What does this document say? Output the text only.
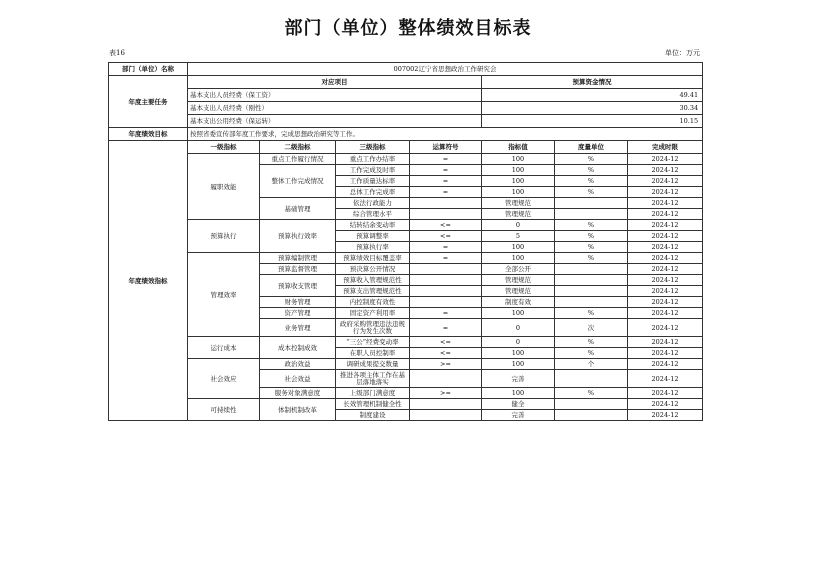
部门（单位）整体绩效目标表
表16	单位：万元
部门（单位）名称	007002辽宁省思想政治工作研究会						
年度主要任务	对应项目				预算资金情况		
	基本支出人员经费（保工资）				49.41		
	基本支出人员经费（刚性）				30.34		
	基本支出公用经费（保运转）				10.15		
年度绩效目标	按照省委宣传部年度工作要求，完成思想政治研究等工作。						
年度绩效指标	一级指标	二级指标	三级指标	运算符号	指标值	度量单位	完成时限
	履职效能	重点工作履行情况	重点工作办结率	=	100	%	2024-12
		整体工作完成情况	工作完成及时率	=	100	%	2024-12
			工作质量达标率	=	100	%	2024-12
			总体工作完成率	=	100	%	2024-12
		基础管理	依法行政能力		管理规范		2024-12
			综合管理水平		管理规范		2024-12
	预算执行	预算执行效率	结转结余变动率	<=	0	%	2024-12
			预算调整率	<=	5	%	2024-12
			预算执行率	=	100	%	2024-12
	管理效率	预算编制管理	预算绩效目标覆盖率	=	100	%	2024-12
		预算监督管理	预决算公开情况		全部公开		2024-12
		预算收支管理	预算收入管理规范性		管理规范		2024-12
			预算支出管理规范性		管理规范		2024-12
		财务管理	内控制度有效性		制度有效		2024-12
		资产管理	固定资产利用率	=	100	%	2024-12
		业务管理	政府采购管理违法违规行为发生次数	=	0	次	2024-12
	运行成本	成本控制成效	“三公”经费变动率	<=	0	%	2024-12
			在职人员控制率	<=	100	%	2024-12
	社会效应	政治效益	调研成果提交数量	>=	100	个	2024-12
		社会效益	推进各项主体工作在基层落地落实		完善		2024-12
		服务对象满意度	上级部门满意度	>=	100	%	2024-12
	可持续性	体制机制改革	长效管理机制健全性		健全		2024-12
			制度建设		完善		2024-12
